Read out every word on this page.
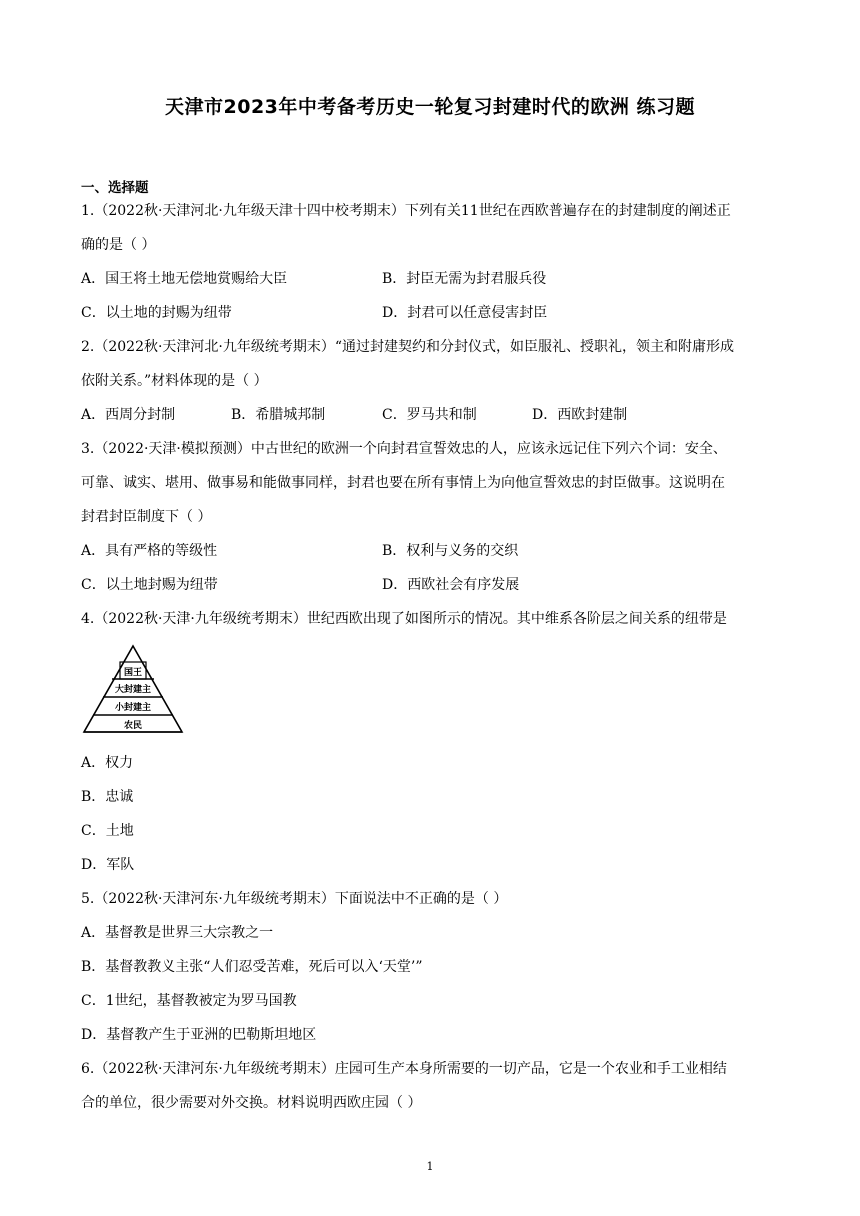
天津市2023年中考备考历史一轮复习封建时代的欧洲 练习题
一、选择题
1.（2022秋·天津河北·九年级天津十四中校考期末）下列有关11世纪在西欧普遍存在的封建制度的阐述正
确的是（ ）
A．国王将土地无偿地赏赐给大臣	B．封臣无需为封君服兵役
C．以土地的封赐为纽带	D．封君可以任意侵害封臣
2.（2022秋·天津河北·九年级统考期末）“通过封建契约和分封仪式，如臣服礼、授职礼，领主和附庸形成
依附关系。”材料体现的是（ ）
A．西周分封制	B．希腊城邦制	C．罗马共和制	D．西欧封建制
3.（2022·天津·模拟预测）中古世纪的欧洲一个向封君宣誓效忠的人，应该永远记住下列六个词：安全、
可靠、诚实、堪用、做事易和能做事同样，封君也要在所有事情上为向他宣誓效忠的封臣做事。这说明在
封君封臣制度下（ ）
A．具有严格的等级性	B．权利与义务的交织
C．以土地封赐为纽带	D．西欧社会有序发展
4.（2022秋·天津·九年级统考期末）世纪西欧出现了如图所示的情况。其中维系各阶层之间关系的纽带是
国王
大封建主
小封建主
农民
A．权力
B．忠诚
C．土地
D．军队
5.（2022秋·天津河东·九年级统考期末）下面说法中不正确的是（ ）
A．基督教是世界三大宗教之一
B．基督教教义主张“人们忍受苦难，死后可以入‘天堂’”
C．1世纪，基督教被定为罗马国教
D．基督教产生于亚洲的巴勒斯坦地区
6.（2022秋·天津河东·九年级统考期末）庄园可生产本身所需要的一切产品，它是一个农业和手工业相结
合的单位，很少需要对外交换。材料说明西欧庄园（ ）
1
